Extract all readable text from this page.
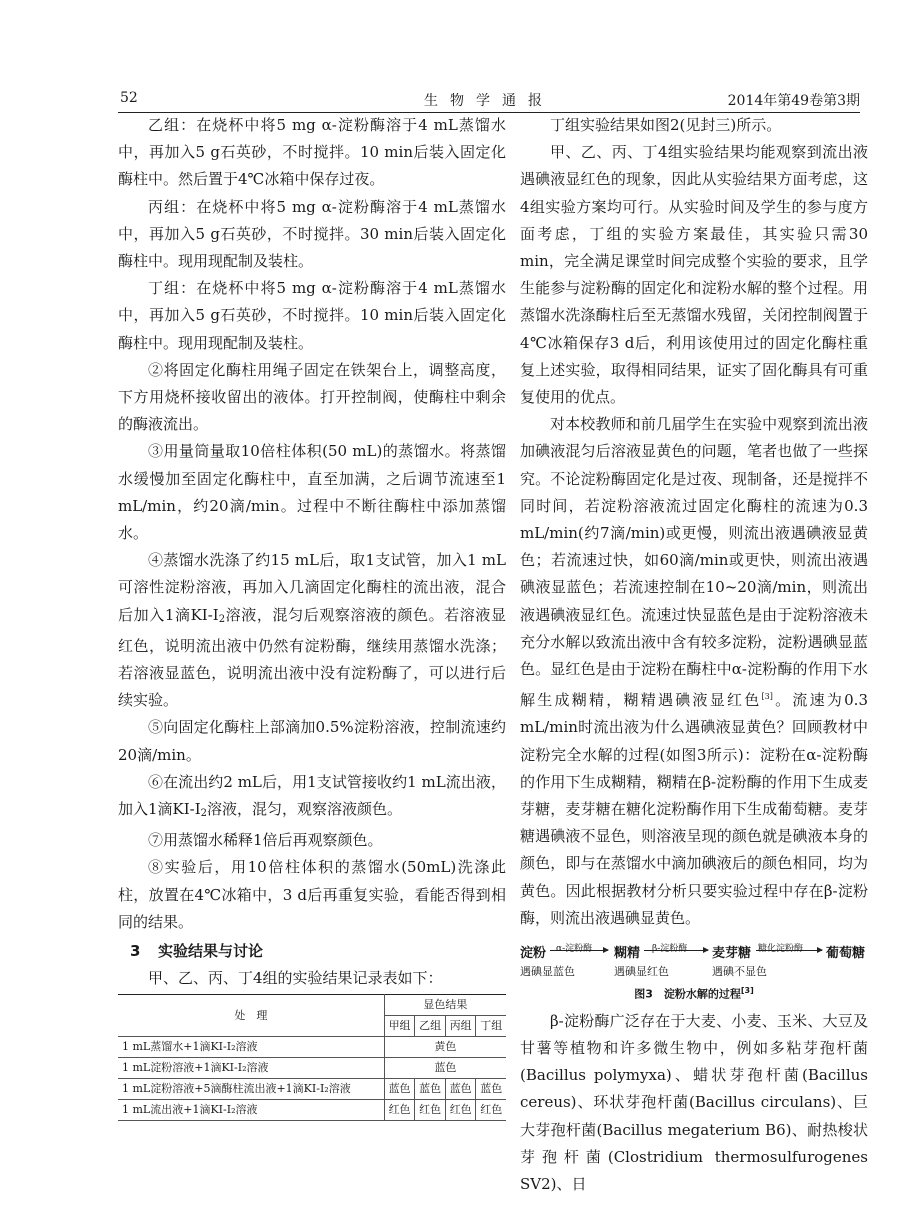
52	生物学通报	2014年第49卷第3期

乙组：在烧杯中将5 mg α-淀粉酶溶于4 mL蒸馏水中，再加入5 g石英砂，不时搅拌。10 min后装入固定化酶柱中。然后置于4℃冰箱中保存过夜。

丙组：在烧杯中将5 mg α-淀粉酶溶于4 mL蒸馏水中，再加入5 g石英砂，不时搅拌。30 min后装入固定化酶柱中。现用现配制及装柱。

丁组：在烧杯中将5 mg α-淀粉酶溶于4 mL蒸馏水中，再加入5 g石英砂，不时搅拌。10 min后装入固定化酶柱中。现用现配制及装柱。

②将固定化酶柱用绳子固定在铁架台上，调整高度，下方用烧杯接收留出的液体。打开控制阀，使酶柱中剩余的酶液流出。

③用量筒量取10倍柱体积(50 mL)的蒸馏水。将蒸馏水缓慢加至固定化酶柱中，直至加满，之后调节流速至1 mL/min，约20滴/min。过程中不断往酶柱中添加蒸馏水。

④蒸馏水洗涤了约15 mL后，取1支试管，加入1 mL可溶性淀粉溶液，再加入几滴固定化酶柱的流出液，混合后加入1滴KI-I2溶液，混匀后观察溶液的颜色。若溶液显红色，说明流出液中仍然有淀粉酶，继续用蒸馏水洗涤；若溶液显蓝色，说明流出液中没有淀粉酶了，可以进行后续实验。

⑤向固定化酶柱上部滴加0.5%淀粉溶液，控制流速约20滴/min。

⑥在流出约2 mL后，用1支试管接收约1 mL流出液，加入1滴KI-I2溶液，混匀，观察溶液颜色。

⑦用蒸馏水稀释1倍后再观察颜色。

⑧实验后，用10倍柱体积的蒸馏水(50mL)洗涤此柱，放置在4℃冰箱中，3 d后再重复实验，看能否得到相同的结果。

3 实验结果与讨论

甲、乙、丙、丁4组的实验结果记录表如下：

处　理	显色结果			
	甲组	乙组	丙组	丁组
1 mL蒸馏水+1滴KI-I₂溶液	黄色			
1 mL淀粉溶液+1滴KI-I₂溶液	蓝色			
1 mL淀粉溶液+5滴酶柱流出液+1滴KI-I₂溶液	蓝色	蓝色	蓝色	蓝色
1 mL流出液+1滴KI-I₂溶液	红色	红色	红色	红色

丁组实验结果如图2(见封三)所示。

甲、乙、丙、丁4组实验结果均能观察到流出液遇碘液显红色的现象，因此从实验结果方面考虑，这4组实验方案均可行。从实验时间及学生的参与度方面考虑，丁组的实验方案最佳，其实验只需30 min，完全满足课堂时间完成整个实验的要求，且学生能参与淀粉酶的固定化和淀粉水解的整个过程。用蒸馏水洗涤酶柱后至无蒸馏水残留，关闭控制阀置于4℃冰箱保存3 d后，利用该使用过的固定化酶柱重复上述实验，取得相同结果，证实了固化酶具有可重复使用的优点。

对本校教师和前几届学生在实验中观察到流出液加碘液混匀后溶液显黄色的问题，笔者也做了一些探究。不论淀粉酶固定化是过夜、现制备，还是搅拌不同时间，若淀粉溶液流过固定化酶柱的流速为0.3 mL/min(约7滴/min)或更慢，则流出液遇碘液显黄色；若流速过快，如60滴/min或更快，则流出液遇碘液显蓝色；若流速控制在10~20滴/min，则流出液遇碘液显红色。流速过快显蓝色是由于淀粉溶液未充分水解以致流出液中含有较多淀粉，淀粉遇碘显蓝色。显红色是由于淀粉在酶柱中α-淀粉酶的作用下水解生成糊精，糊精遇碘液显红色[3]。流速为0.3 mL/min时流出液为什么遇碘液显黄色？回顾教材中淀粉完全水解的过程(如图3所示)：淀粉在α-淀粉酶的作用下生成糊精，糊精在β-淀粉酶的作用下生成麦芽糖，麦芽糖在糖化淀粉酶作用下生成葡萄糖。麦芽糖遇碘液不显色，则溶液呈现的颜色就是碘液本身的颜色，即与在蒸馏水中滴加碘液后的颜色相同，均为黄色。因此根据教材分析只要实验过程中存在β-淀粉酶，则流出液遇碘显黄色。

淀粉 α-淀粉酶 糊精 β-淀粉酶 麦芽糖 糖化淀粉酶 葡萄糖
遇碘显蓝色	遇碘显红色	遇碘不显色
图3　淀粉水解的过程[3]

β-淀粉酶广泛存在于大麦、小麦、玉米、大豆及甘薯等植物和许多微生物中，例如多粘芽孢杆菌(Bacillus polymyxa)、蜡状芽孢杆菌(Bacillus cereus)、环状芽孢杆菌(Bacillus circulans)、巨大芽孢杆菌(Bacillus megaterium B6)、耐热梭状芽孢杆菌(Clostridium thermosulfurogenes SV2)、日
